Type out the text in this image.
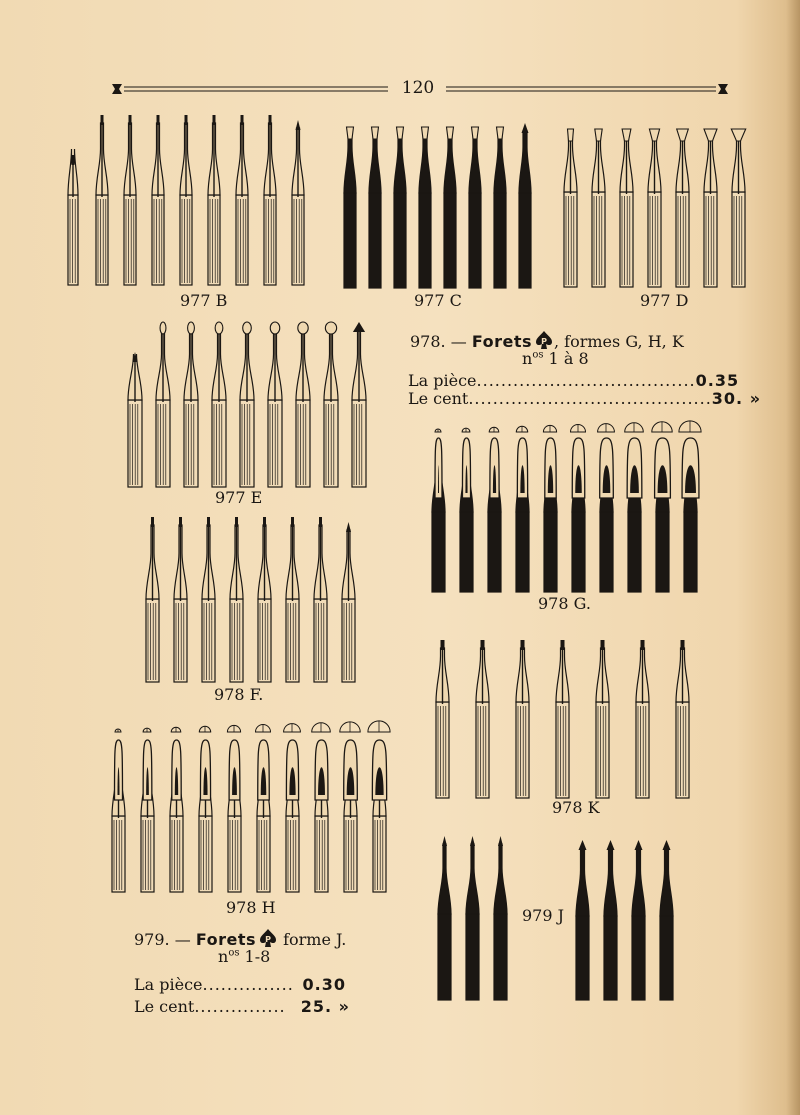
120
977 B	977 C	977 D
977 E
978 F.
978 H
978 G.
978 K
979 J
978. — Forets P , formes G, H, K
$n^{os}$ 1 à 8
La pièce .................................... 0.35
Le cent ........................................ 30. »
979. — Forets P forme J.
$n^{os}$ 1-8
La pièce ............... 0.30
Le cent ............... 25. »
